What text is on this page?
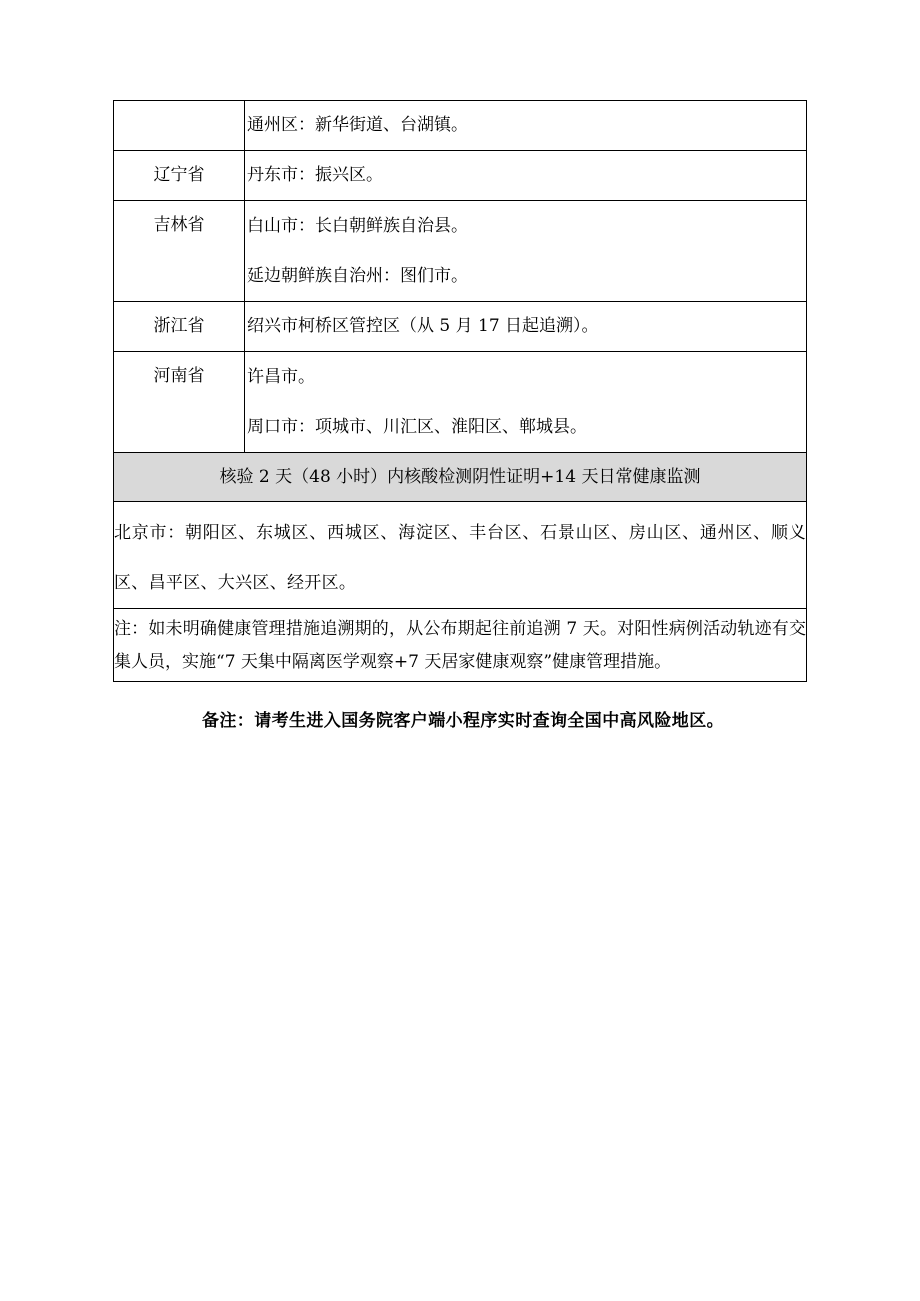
	通州区：新华街道、台湖镇。

辽宁省	丹东市：振兴区。

吉林省	白山市：长白朝鲜族自治县。
延边朝鲜族自治州：图们市。

浙江省	绍兴市柯桥区管控区（从 5 月 17 日起追溯）。

河南省	许昌市。
周口市：项城市、川汇区、淮阳区、郸城县。

核验 2 天（48 小时）内核酸检测阴性证明+14 天日常健康监测	

北京市：朝阳区、东城区、西城区、海淀区、丰台区、石景山区、房山区、通州区、顺义区、昌平区、大兴区、经开区。	

注：如未明确健康管理措施追溯期的，从公布期起往前追溯 7 天。对阳性病例活动轨迹有交集人员，实施“7 天集中隔离医学观察+7 天居家健康观察”健康管理措施。	
备注：请考生进入国务院客户端小程序实时查询全国中高风险地区。
